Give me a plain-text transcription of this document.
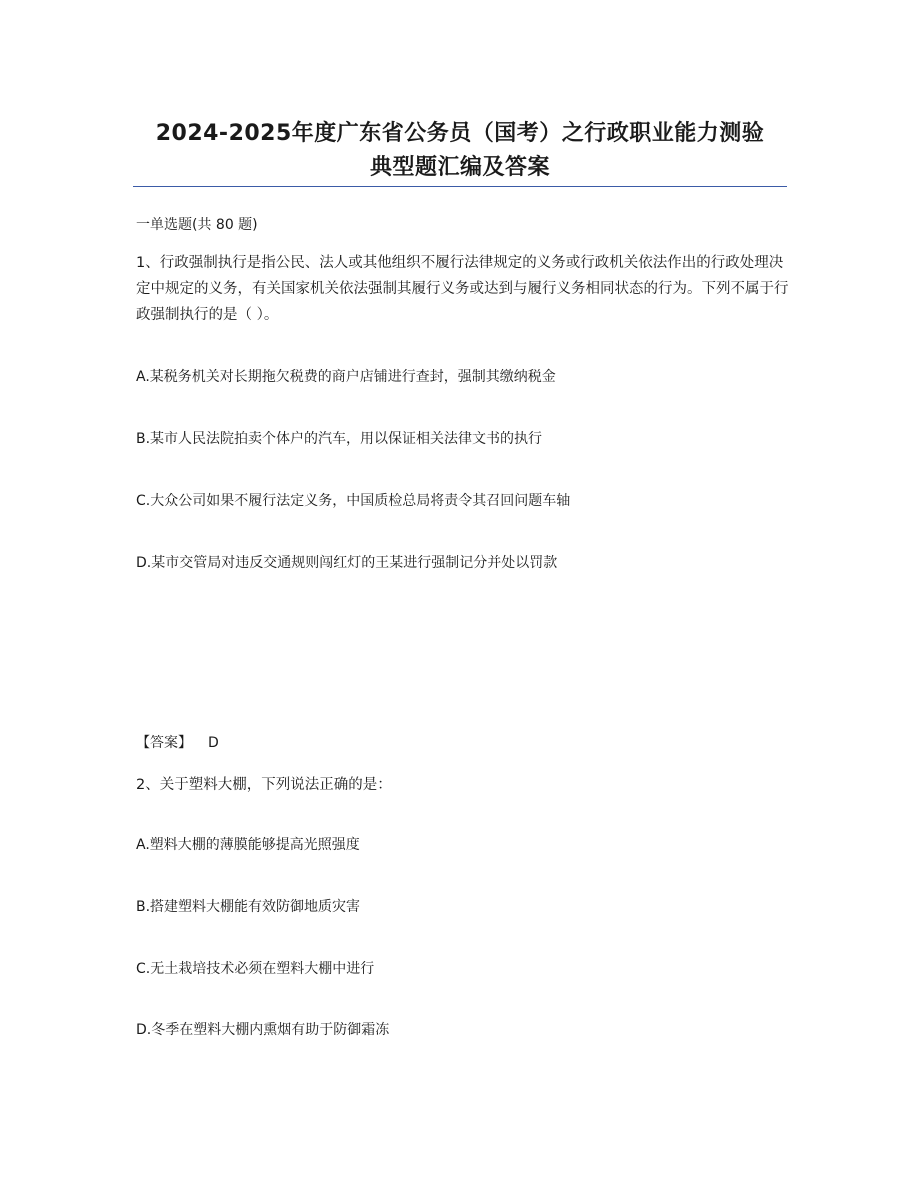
2024-2025年度广东省公务员（国考）之行政职业能力测验
典型题汇编及答案

一单选题(共 80 题)

1、行政强制执行是指公民、法人或其他组织不履行法律规定的义务或行政机关依法作出的行政处理决定中规定的义务，有关国家机关依法强制其履行义务或达到与履行义务相同状态的行为。下列不属于行政强制执行的是（ ）。

A.某税务机关对长期拖欠税费的商户店铺进行查封，强制其缴纳税金

B.某市人民法院拍卖个体户的汽车，用以保证相关法律文书的执行

C.大众公司如果不履行法定义务，中国质检总局将责令其召回问题车轴

D.某市交管局对违反交通规则闯红灯的王某进行强制记分并处以罚款

【答案】 D

2、关于塑料大棚，下列说法正确的是：

A.塑料大棚的薄膜能够提高光照强度

B.搭建塑料大棚能有效防御地质灾害

C.无土栽培技术必须在塑料大棚中进行

D.冬季在塑料大棚内熏烟有助于防御霜冻
